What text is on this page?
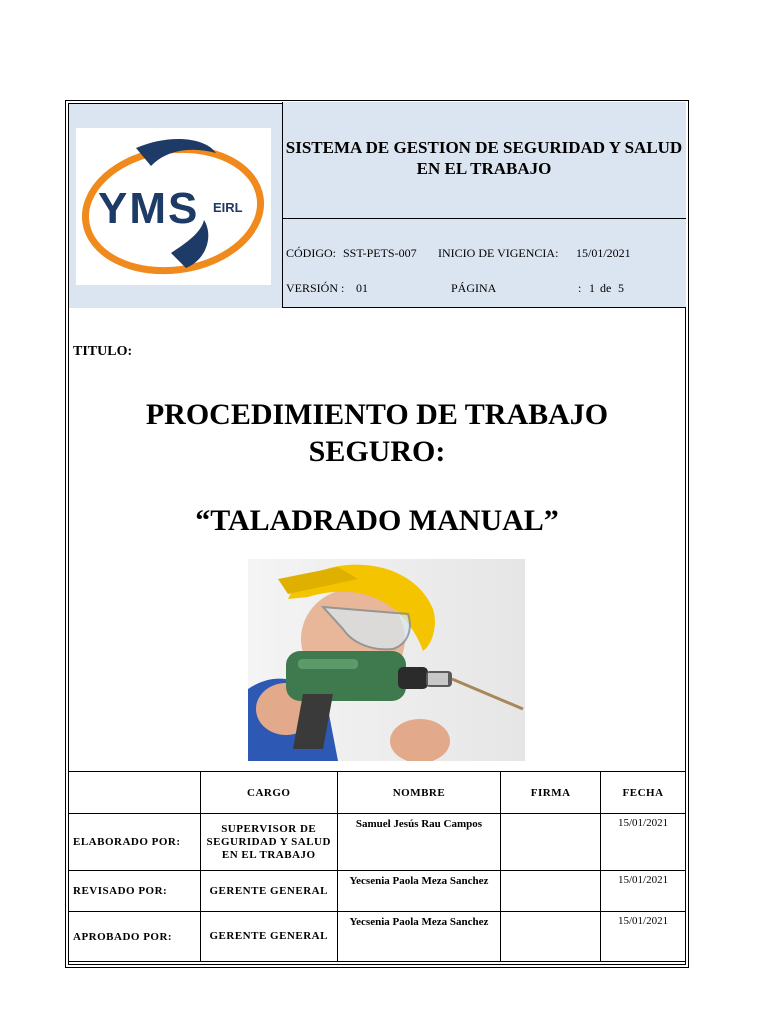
YMS EIRL
SISTEMA DE GESTION DE SEGURIDAD Y SALUD EN EL TRABAJO
CÓDIGO: SST-PETS-007 INICIO DE VIGENCIA: 15/01/2021
VERSIÓN : 01	PÁGINA	: 1 de 5
TITULO:
PROCEDIMIENTO DE TRABAJO
SEGURO:
“TALADRADO MANUAL”
	CARGO	NOMBRE	FIRMA	FECHA
ELABORADO POR:	SUPERVISOR DE SEGURIDAD Y SALUD EN EL TRABAJO	Samuel Jesús Rau Campos		15/01/2021
REVISADO POR:	GERENTE GENERAL	Yecsenia Paola Meza Sanchez		15/01/2021
APROBADO POR:	GERENTE GENERAL	Yecsenia Paola Meza Sanchez		15/01/2021
